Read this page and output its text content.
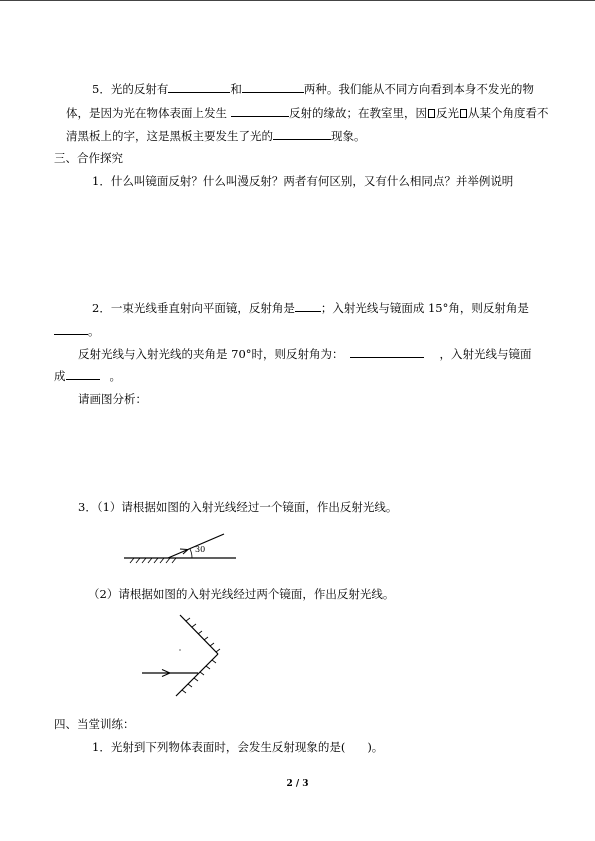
5．光的反射有	和	两种。我们能从不同方向看到本身不发光的物
体，是因为光在物体表面上发生	反射的缘故；在教室里，因 反光 从某个角度看不
清黑板上的字，这是黑板主要发生了光的	现象。
三、合作探究
1．什么叫镜面反射？什么叫漫反射？两者有何区别，又有什么相同点？并举例说明
2．一束光线垂直射向平面镜，反射角是 ；入射光线与镜面成 15°角，则反射角是
。
反射光线与入射光线的夹角是 70°时，则反射角为：	，入射光线与镜面
成	。
请画图分析：
3．（1）请根据如图的入射光线经过一个镜面，作出反射光线。
30
（2）请根据如图的入射光线经过两个镜面，作出反射光线。
四、当堂训练：
1．光射到下列物体表面时，会发生反射现象的是( )。
2 / 3
